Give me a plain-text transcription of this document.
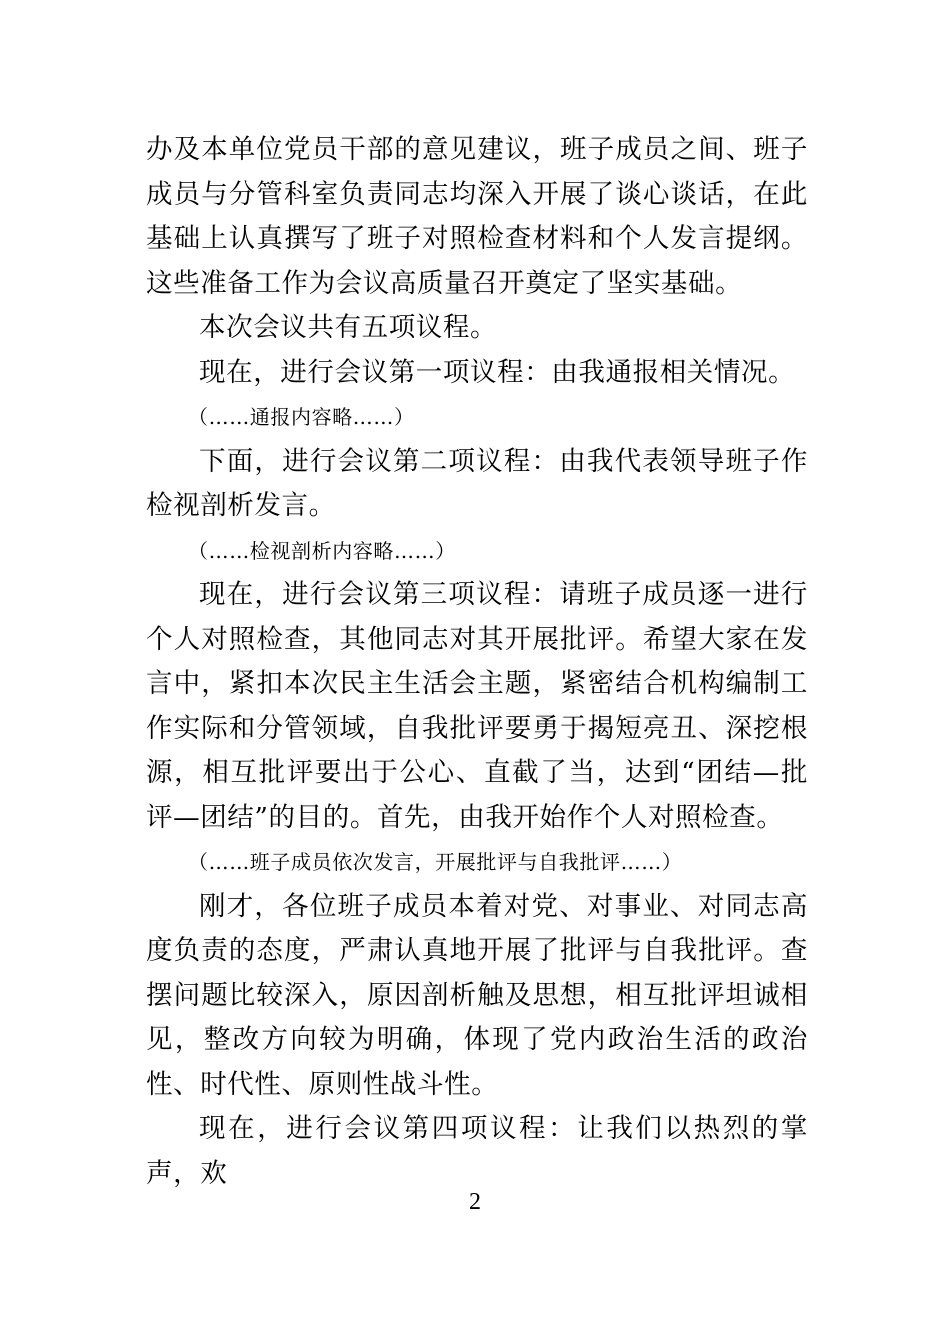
办及本单位党员干部的意见建议，班子成员之间、班子成员与分管科室负责同志均深入开展了谈心谈话，在此基础上认真撰写了班子对照检查材料和个人发言提纲。这些准备工作为会议高质量召开奠定了坚实基础。

本次会议共有五项议程。

现在，进行会议第一项议程：由我通报相关情况。

（……通报内容略……）

下面，进行会议第二项议程：由我代表领导班子作检视剖析发言。

（……检视剖析内容略……）

现在，进行会议第三项议程：请班子成员逐一进行个人对照检查，其他同志对其开展批评。希望大家在发言中，紧扣本次民主生活会主题，紧密结合机构编制工作实际和分管领域，自我批评要勇于揭短亮丑、深挖根源，相互批评要出于公心、直截了当，达到“团结—批评—团结”的目的。首先，由我开始作个人对照检查。

（……班子成员依次发言，开展批评与自我批评……）

刚才，各位班子成员本着对党、对事业、对同志高度负责的态度，严肃认真地开展了批评与自我批评。查摆问题比较深入，原因剖析触及思想，相互批评坦诚相见，整改方向较为明确，体现了党内政治生活的政治性、时代性、原则性战斗性。

现在，进行会议第四项议程：让我们以热烈的掌声，欢

2
